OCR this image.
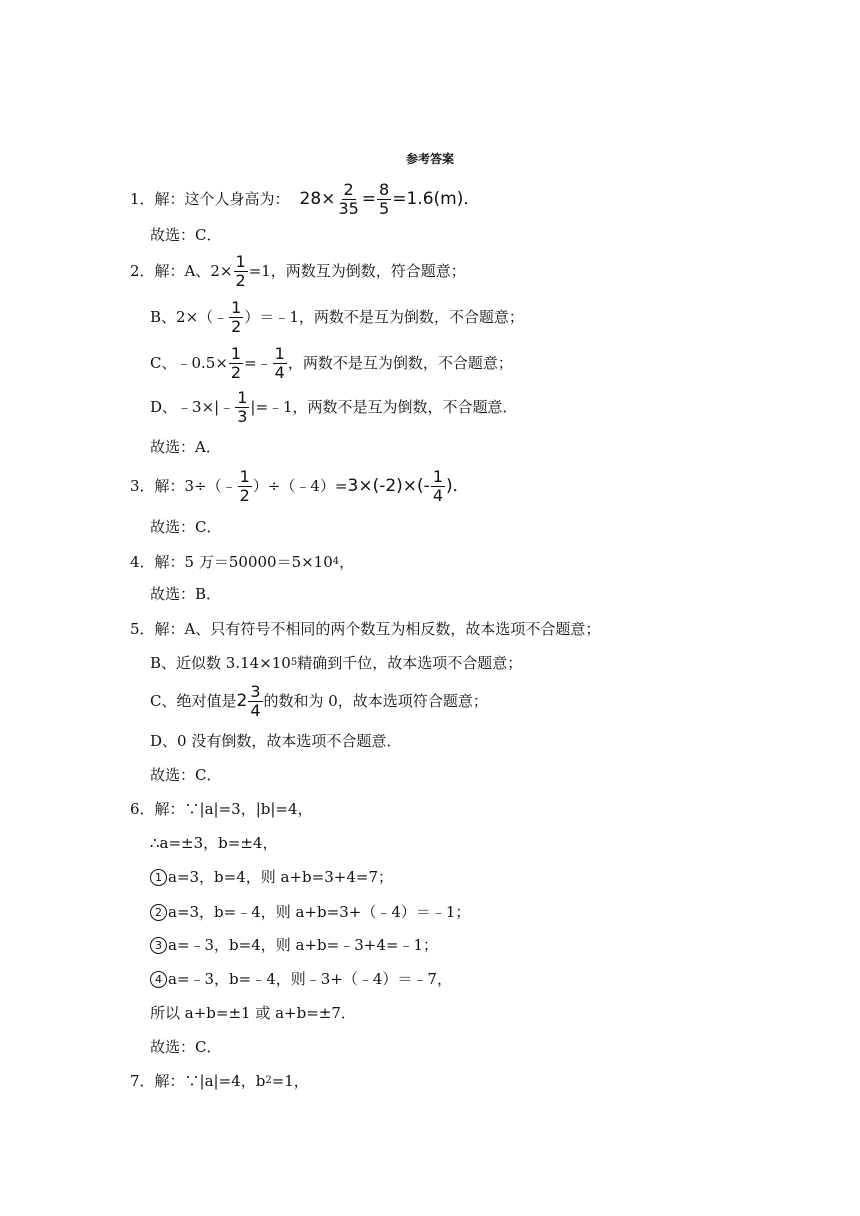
参考答案
1．解：这个人身高为： $28\times \frac{2}{35} = \frac{8}{5} =1.6(m)$．
故选：C．
2．解：A、$2\times \frac{1}{2} =1$，两数互为倒数，符合题意；
B、2×（﹣ $\frac{1}{2}$ ）＝﹣1，两数不是互为倒数，不合题意；
C、﹣0.5× $\frac{1}{2}$ =﹣ $\frac{1}{4}$ ，两数不是互为倒数，不合题意；
D、﹣3×|﹣ $\frac{1}{3}$ |=﹣1，两数不是互为倒数，不合题意．
故选：A．
3．解：3÷（﹣ $\frac{1}{2}$ ）÷（﹣4）= $3\times(-2)\times(- \frac{1}{4}$ )．
故选：C．
4．解：5 万＝50000＝5×10 4 ，
故选：B．
5．解：A、只有符号不相同的两个数互为相反数，故本选项不合题意；
B、近似数 3.14×10 5 精确到千位，故本选项不合题意；
C、绝对值是 $2 \frac{3}{4}$ 的数和为 0，故本选项符合题意；
D、0 没有倒数，故本选项不合题意．
故选：C．
6．解：∵|a|=3，|b|=4，
∴a=±3，b=±4，
1 a=3，b=4，则 a+b=3+4=7；
2 a=3，b=﹣4，则 a+b=3+（﹣4）＝﹣1；
3 a=﹣3，b=4，则 a+b=﹣3+4=﹣1；
4 a=﹣3，b=﹣4，则﹣3+（﹣4）＝﹣7，
所以 a+b=±1 或 a+b=±7．
故选：C．
7．解：∵|a|=4，b 2 =1，
